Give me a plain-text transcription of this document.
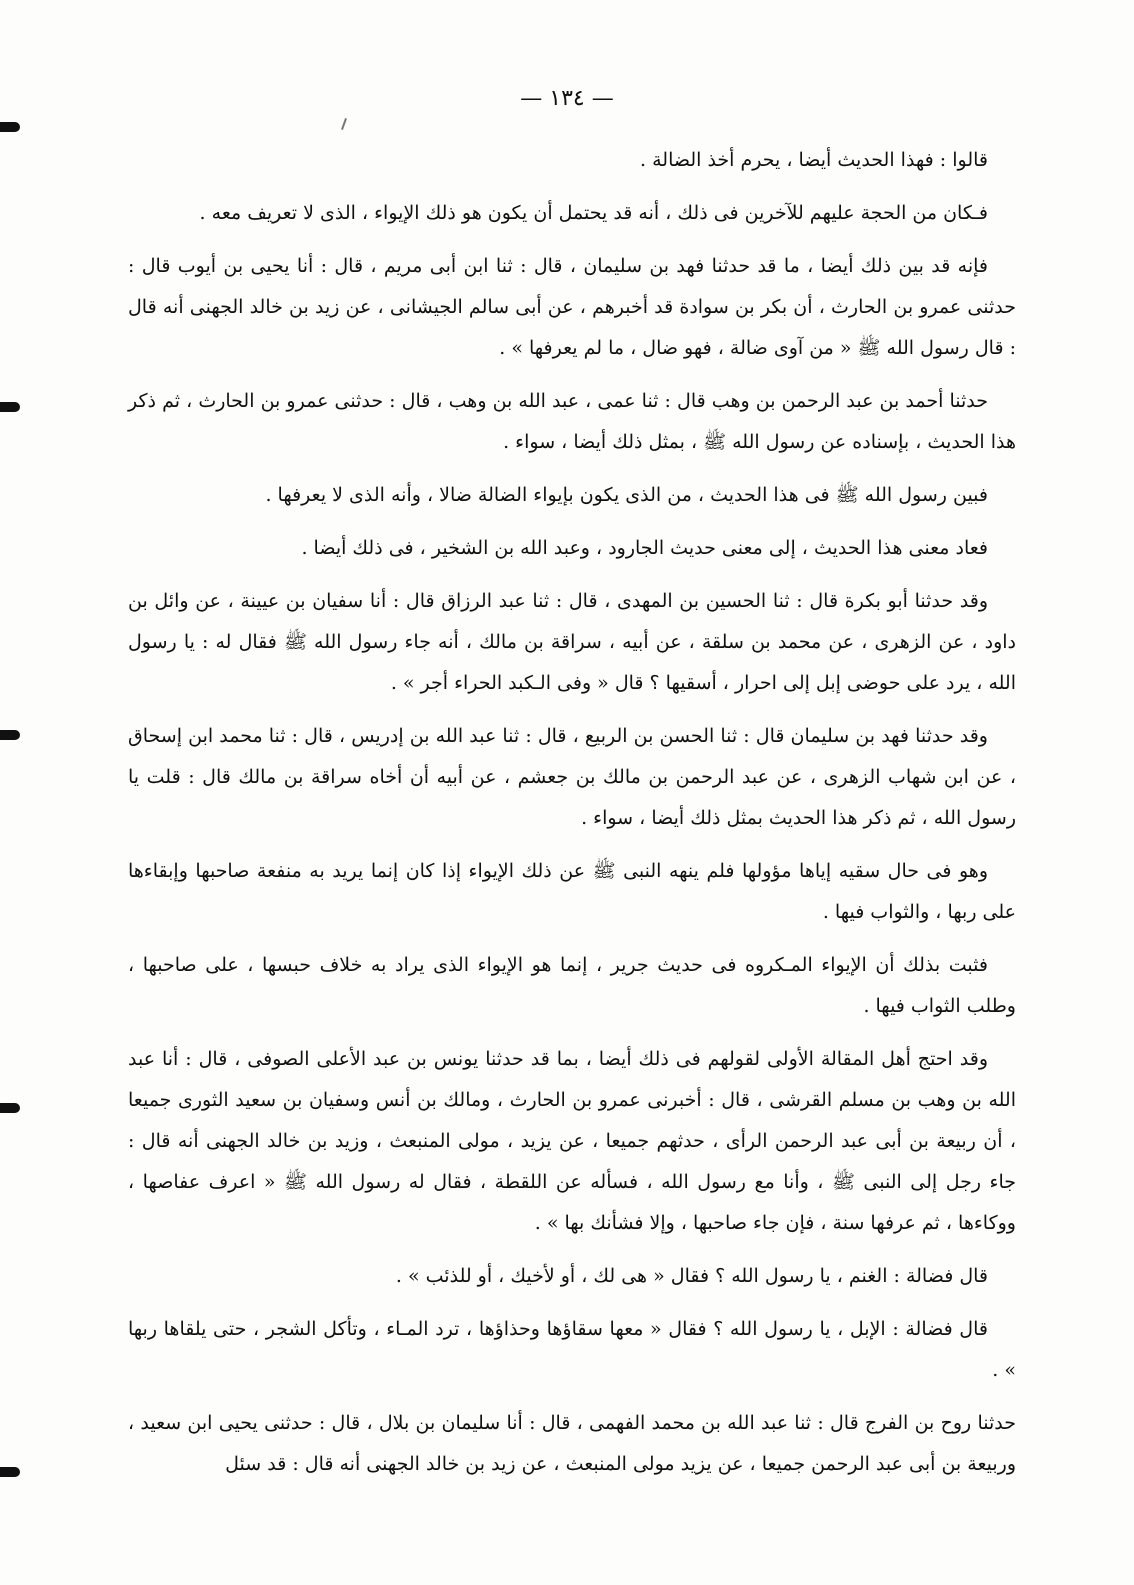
— ١٣٤ —

قالوا : فهذا الحديث أيضا ، يحرم أخذ الضالة .

فـكان من الحجة عليهم للآخرين فى ذلك ، أنه قد يحتمل أن يكون هو ذلك الإيواء ، الذى لا تعريف معه .

فإنه قد بين ذلك أيضا ، ما قد حدثنا فهد بن سليمان ، قال : ثنا ابن أبى مريم ، قال : أنا يحيى بن أيوب قال : حدثنى عمرو بن الحارث ، أن بكر بن سوادة قد أخبرهم ، عن أبى سالم الجيشانى ، عن زيد بن خالد الجهنى أنه قال : قال رسول الله ﷺ « من آوى ضالة ، فهو ضال ، ما لم يعرفها » .

حدثنا أحمد بن عبد الرحمن بن وهب قال : ثنا عمى ، عبد الله بن وهب ، قال : حدثنى عمرو بن الحارث ، ثم ذكر هذا الحديث ، بإسناده عن رسول الله ﷺ ، بمثل ذلك أيضا ، سواء .

فبين رسول الله ﷺ فى هذا الحديث ، من الذى يكون بإيواء الضالة ضالا ، وأنه الذى لا يعرفها .

فعاد معنى هذا الحديث ، إلى معنى حديث الجارود ، وعبد الله بن الشخير ، فى ذلك أيضا .

وقد حدثنا أبو بكرة قال : ثنا الحسين بن المهدى ، قال : ثنا عبد الرزاق قال : أنا سفيان بن عيينة ، عن وائل بن داود ، عن الزهرى ، عن محمد بن سلقة ، عن أبيه ، سراقة بن مالك ، أنه جاء رسول الله ﷺ فقال له : يا رسول الله ، يرد على حوضى إبل إلى احرار ، أسقيها ؟ قال « وفى الـكبد الحراء أجر » .

وقد حدثنا فهد بن سليمان قال : ثنا الحسن بن الربيع ، قال : ثنا عبد الله بن إدريس ، قال : ثنا محمد ابن إسحاق ، عن ابن شهاب الزهرى ، عن عبد الرحمن بن مالك بن جعشم ، عن أبيه أن أخاه سراقة بن مالك قال : قلت يا رسول الله ، ثم ذكر هذا الحديث بمثل ذلك أيضا ، سواء .

وهو فى حال سقيه إياها مؤولها فلم ينهه النبى ﷺ عن ذلك الإيواء إذا كان إنما يريد به منفعة صاحبها وإبقاءها على ربها ، والثواب فيها .

فثبت بذلك أن الإيواء المـكروه فى حديث جرير ، إنما هو الإيواء الذى يراد به خلاف حبسها ، على صاحبها ، وطلب الثواب فيها .

وقد احتج أهل المقالة الأولى لقولهم فى ذلك أيضا ، بما قد حدثنا يونس بن عبد الأعلى الصوفى ، قال : أنا عبد الله بن وهب بن مسلم القرشى ، قال : أخبرنى عمرو بن الحارث ، ومالك بن أنس وسفيان بن سعيد الثورى جميعا ، أن ربيعة بن أبى عبد الرحمن الرأى ، حدثهم جميعا ، عن يزيد ، مولى المنبعث ، وزيد بن خالد الجهنى أنه قال : جاء رجل إلى النبى ﷺ ، وأنا مع رسول الله ، فسأله عن اللقطة ، فقال له رسول الله ﷺ « اعرف عفاصها ، ووكاءها ، ثم عرفها سنة ، فإن جاء صاحبها ، وإلا فشأنك بها » .

قال فضالة : الغنم ، يا رسول الله ؟ فقال « هى لك ، أو لأخيك ، أو للذئب » .

قال فضالة : الإبل ، يا رسول الله ؟ فقال « معها سقاؤها وحذاؤها ، ترد المـاء ، وتأكل الشجر ، حتى يلقاها ربها » .

حدثنا روح بن الفرج قال : ثنا عبد الله بن محمد الفهمى ، قال : أنا سليمان بن بلال ، قال : حدثنى يحيى ابن سعيد ، وربيعة بن أبى عبد الرحمن جميعا ، عن يزيد مولى المنبعث ، عن زيد بن خالد الجهنى أنه قال : قد سئل
